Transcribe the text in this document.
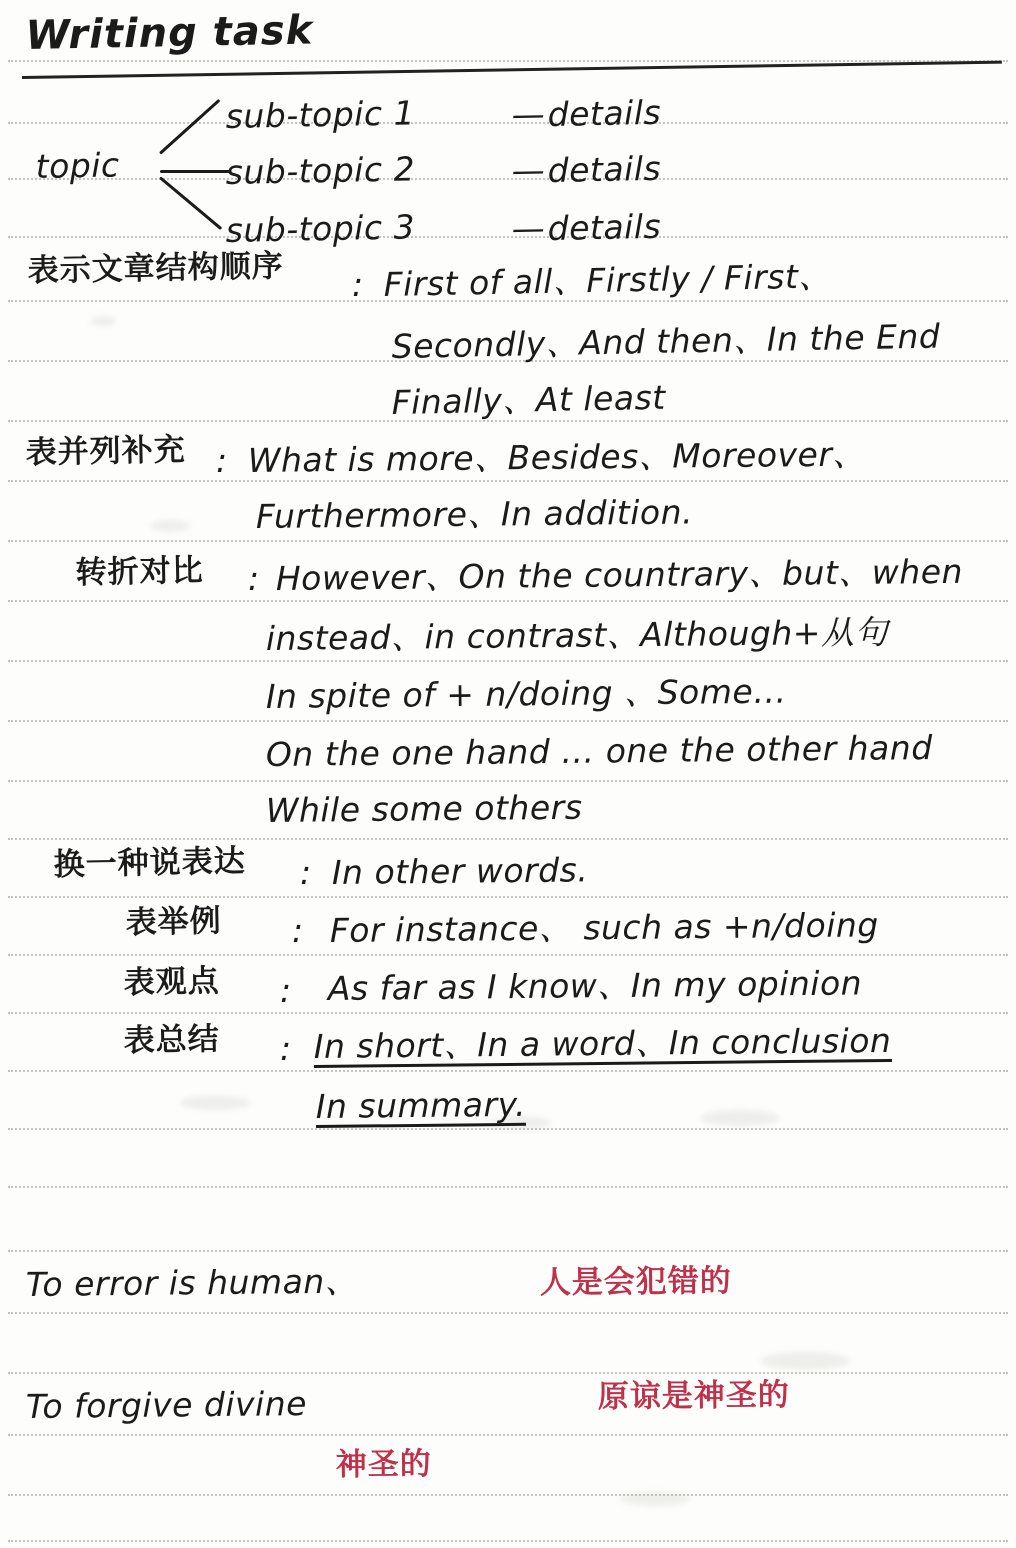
Writing task
topic
sub-topic 1	— details
sub-topic 2	— details
sub-topic 3	— details
表示文章结构顺序 : First of all、Firstly / First、
Secondly、And then、In the End
Finally、At least
表并列补充 : What is more、Besides、Moreover、
Furthermore、In addition.
转折对比 : However、On the countrary、but、when
instead、in contrast、Although+从句
In spite of + n/doing 、Some…
On the one hand … one the other hand
While some others
换一种说表达 : In other words.
表举例 : For instance、 such as +n/doing
表观点 : As far as I know、In my opinion
表总结 : In short、In a word、In conclusion
In summary.
To error is human、	人是会犯错的
To forgive divine	原谅是神圣的
神圣的
